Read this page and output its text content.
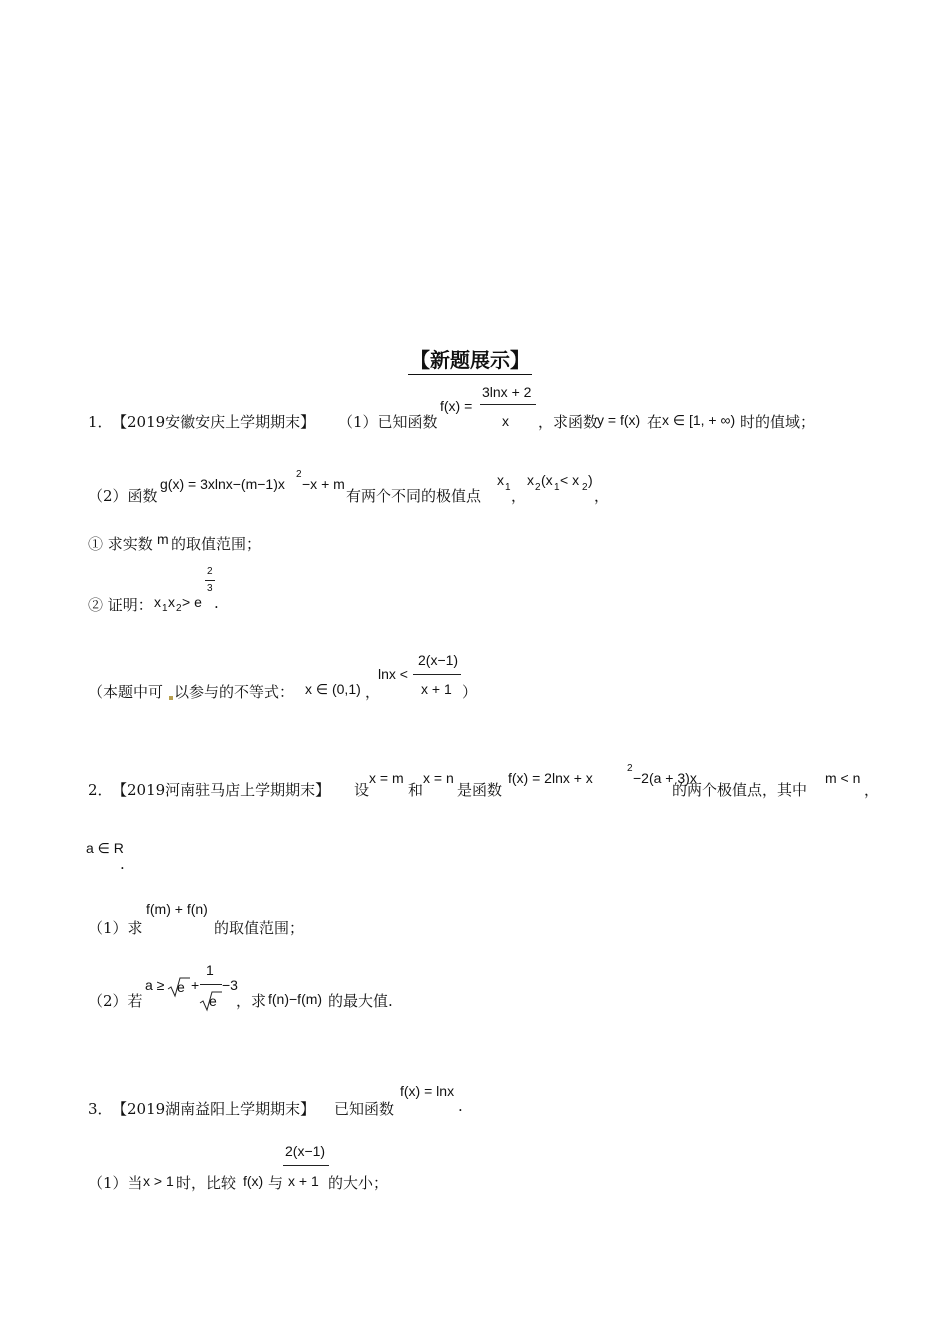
【新题展示】
1． 【2019安徽安庆上学期期末】 （1）已知函数
f(x) =
3lnx + 2
x ，求函数
y = f(x) 在 x ∈ [1, + ∞) 时的值域；
（2）函数
g(x) = 3xlnx−(m−1)x
2
−x + m
有两个不同的极值点
x 1 ，
x 2 (x 1 < x 2 )
，
① 求实数 m 的取值范围；
② 证明： x 1 x 2 > e
2
3
.
（本题中可 以参与的不等式： x ∈ (0,1) ，
lnx <
2(x−1)
x + 1 ）
2． 【2019河南驻马店上学期期末】 设
x = m
和
x = n
是函数
f(x) = 2lnx + x
2
−2(a + 3)x
的两个极值点，其中
m < n
，
a ∈ R
.
（1）求
f(m) + f(n)
的取值范围；
（2）若
a ≥ e +
1
e
−3
，求 f(n)−f(m) 的最大值.
3． 【2019湖南益阳上学期期末】 已知函数
f(x) = lnx
.
（1）当 x > 1 时，比较 f(x) 与
2(x−1)
x + 1 的大小；
